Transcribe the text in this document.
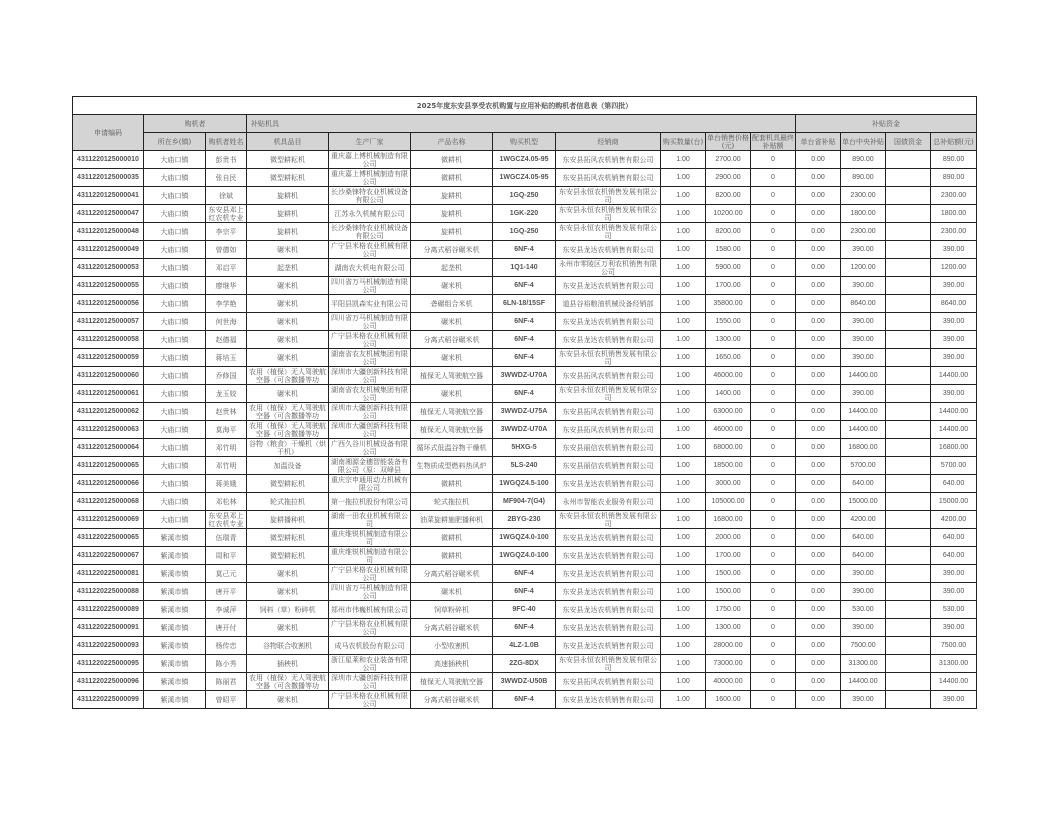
2025年度东安县享受农机购置与应用补贴的购机者信息表（第四批）														
申请编码	购机者		补贴机具								补贴资金			
	所在乡(镇)	购机者姓名	机具品目	生产厂家	产品名称	购买机型	经销商	购买数量(台)	单台销售价格(元)	配套机具最终补贴额	单台省补贴	单台中央补贴	国债资金	总补贴额(元)
4311220125000010	大庙口镇	彭贵书	微型耕耘机	重庆嘉上博机械制造有限公司	微耕机	1WGCZ4.05-95	东安县拓风农机销售有限公司	1.00	2700.00	0	0.00	890.00		890.00
4311220125000035	大庙口镇	张自民	微型耕耘机	重庆嘉上博机械制造有限公司	微耕机	1WGCZ4.05-95	东安县拓风农机销售有限公司	1.00	2900.00	0	0.00	890.00		890.00
4311220125000041	大庙口镇	徐斌	旋耕机	长沙桑铼特农业机械设备有限公司	旋耕机	1GQ-250	东安县永恒农机销售发展有限公司	1.00	8200.00	0	0.00	2300.00		2300.00
4311220125000047	大庙口镇	东安县邓上红农机专业	旋耕机	江苏永久机械有限公司	旋耕机	1GK-220	东安县永恒农机销售发展有限公司	1.00	10200.00	0	0.00	1800.00		1800.00
4311220125000048	大庙口镇	李宗平	旋耕机	长沙桑铼特农业机械设备有限公司	旋耕机	1GQ-250	东安县永恒农机销售发展有限公司	1.00	8200.00	0	0.00	2300.00		2300.00
4311220125000049	大庙口镇	曾德如	碾米机	广宁县米格农业机械有限公司	分离式稻谷碾米机	6NF-4	东安县龙达农机销售有限公司	1.00	1580.00	0	0.00	390.00		390.00
4311220125000053	大庙口镇	邓启平	起垄机	湖南农大机电有限公司	起垄机	1Q1-140	永州市零陵区万利农机销售有限公司	1.00	5900.00	0	0.00	1200.00		1200.00
4311220125000055	大庙口镇	廖继华	碾米机	四川省万马机械制造有限公司	碾米机	6NF-4	东安县龙达农机销售有限公司	1.00	1700.00	0	0.00	390.00		390.00
4311220125000056	大庙口镇	李学艳	碾米机	平阳县凯森实业有限公司	砻碾组合米机	6LN-18/15SF	道县谷裕粮油机械设备经销部	1.00	35800.00	0	0.00	8640.00		8640.00
4311220125000057	大庙口镇	何世海	碾米机	四川省万马机械制造有限公司	碾米机	6NF-4	东安县龙达农机销售有限公司	1.00	1550.00	0	0.00	390.00		390.00
4311220125000058	大庙口镇	赵德福	碾米机	广宁县米格农业机械有限公司	分离式稻谷碾米机	6NF-4	东安县龙达农机销售有限公司	1.00	1300.00	0	0.00	390.00		390.00
4311220125000059	大庙口镇	蒋培玉	碾米机	湖南省农友机械集团有限公司	碾米机	6NF-4	东安县永恒农机销售发展有限公司	1.00	1650.00	0	0.00	390.00		390.00
4311220125000060	大庙口镇	乔修国	农用（植保）无人驾驶航空器（可含撒播等功	深圳市大疆创新科技有限公司	植保无人驾驶航空器	3WWDZ-U70A	东安县拓风农机销售有限公司	1.00	46000.00	0	0.00	14400.00		14400.00
4311220125000061	大庙口镇	龙玉姣	碾米机	湖南省农友机械集团有限公司	碾米机	6NF-4	东安县永恒农机销售发展有限公司	1.00	1400.00	0	0.00	390.00		390.00
4311220125000062	大庙口镇	赵贵林	农用（植保）无人驾驶航空器（可含撒播等功	深圳市大疆创新科技有限公司	植保无人驾驶航空器	3WWDZ-U75A	东安县拓风农机销售有限公司	1.00	63000.00	0	0.00	14400.00		14400.00
4311220125000063	大庙口镇	莫海平	农用（植保）无人驾驶航空器（可含撒播等功	深圳市大疆创新科技有限公司	植保无人驾驶航空器	3WWDZ-U70A	东安县拓风农机销售有限公司	1.00	46000.00	0	0.00	14400.00		14400.00
4311220125000064	大庙口镇	邓竹明	谷物（粮食）干燥机（烘干机）	广西久谷川机械设备有限公司	循环式低温谷物干燥机	5HXG-5	东安县丽信农机销售有限公司	1.00	68000.00	0	0.00	16800.00		16800.00
4311220125000065	大庙口镇	邓竹明	加温设备	湖南湘源金穗智能装备有限公司（原：双峰县	生物质成型燃料热风炉	5LS-240	东安县丽信农机销售有限公司	1.00	18500.00	0	0.00	5700.00		5700.00
4311220125000066	大庙口镇	蒋美娥	微型耕耘机	重庆宗申通用动力机械有限公司	微耕机	1WGQZ4.5-100	东安县龙达农机销售有限公司	1.00	3000.00	0	0.00	640.00		640.00
4311220125000068	大庙口镇	邓松林	轮式拖拉机	第一拖拉机股份有限公司	轮式拖拉机	MF904-7(G4)	永州市智能农业服务有限公司	1.00	105000.00	0	0.00	15000.00		15000.00
4311220125000069	大庙口镇	东安县邓上红农机专业	旋耕播种机	湖南一田农业机械有限公司	油菜旋耕施肥播种机	2BYG-230	东安县永恒农机销售发展有限公司	1.00	16800.00	0	0.00	4200.00		4200.00
4311220225000065	紫溪市镇	伍瑞青	微型耕耘机	重庆维锐机械制造有限公司	微耕机	1WGQZ4.0-100	东安县龙达农机销售有限公司	1.00	2000.00	0	0.00	640.00		640.00
4311220225000067	紫溪市镇	周和平	微型耕耘机	重庆维锐机械制造有限公司	微耕机	1WGQZ4.0-100	东安县龙达农机销售有限公司	1.00	1700.00	0	0.00	640.00		640.00
4311220225000081	紫溪市镇	莫己元	碾米机	广宁县米格农业机械有限公司	分离式稻谷碾米机	6NF-4	东安县龙达农机销售有限公司	1.00	1500.00	0	0.00	390.00		390.00
4311220225000088	紫溪市镇	唐开平	碾米机	四川省万马机械制造有限公司	碾米机	6NF-4	东安县龙达农机销售有限公司	1.00	1500.00	0	0.00	390.00		390.00
4311220225000089	紫溪市镇	李诚萍	饲料（草）粉碎机	郑州市伟巍机械有限公司	饲草粉碎机	9FC-40	东安县龙达农机销售有限公司	1.00	1750.00	0	0.00	530.00		530.00
4311220225000091	紫溪市镇	唐开付	碾米机	广宁县米格农业机械有限公司	分离式稻谷碾米机	6NF-4	东安县龙达农机销售有限公司	1.00	1300.00	0	0.00	390.00		390.00
4311220225000093	紫溪市镇	杨传忠	谷物联合收割机	成马农机股份有限公司	小型收割机	4LZ-1.0B	东安县龙达农机销售有限公司	1.00	28000.00	0	0.00	7500.00		7500.00
4311220225000095	紫溪市镇	陈小秀	插秧机	浙江星莱和农业装备有限公司	高速插秧机	2ZG-8DX	东安县永恒农机销售发展有限公司	1.00	73000.00	0	0.00	31300.00		31300.00
4311220225000096	紫溪市镇	陈丽君	农用（植保）无人驾驶航空器（可含撒播等功	深圳市大疆创新科技有限公司	植保无人驾驶航空器	3WWDZ-U50B	东安县拓风农机销售有限公司	1.00	40000.00	0	0.00	14400.00		14400.00
4311220225000099	紫溪市镇	曾昭平	碾米机	广宁县米格农业机械有限公司	分离式稻谷碾米机	6NF-4	东安县龙达农机销售有限公司	1.00	1600.00	0	0.00	390.00		390.00
